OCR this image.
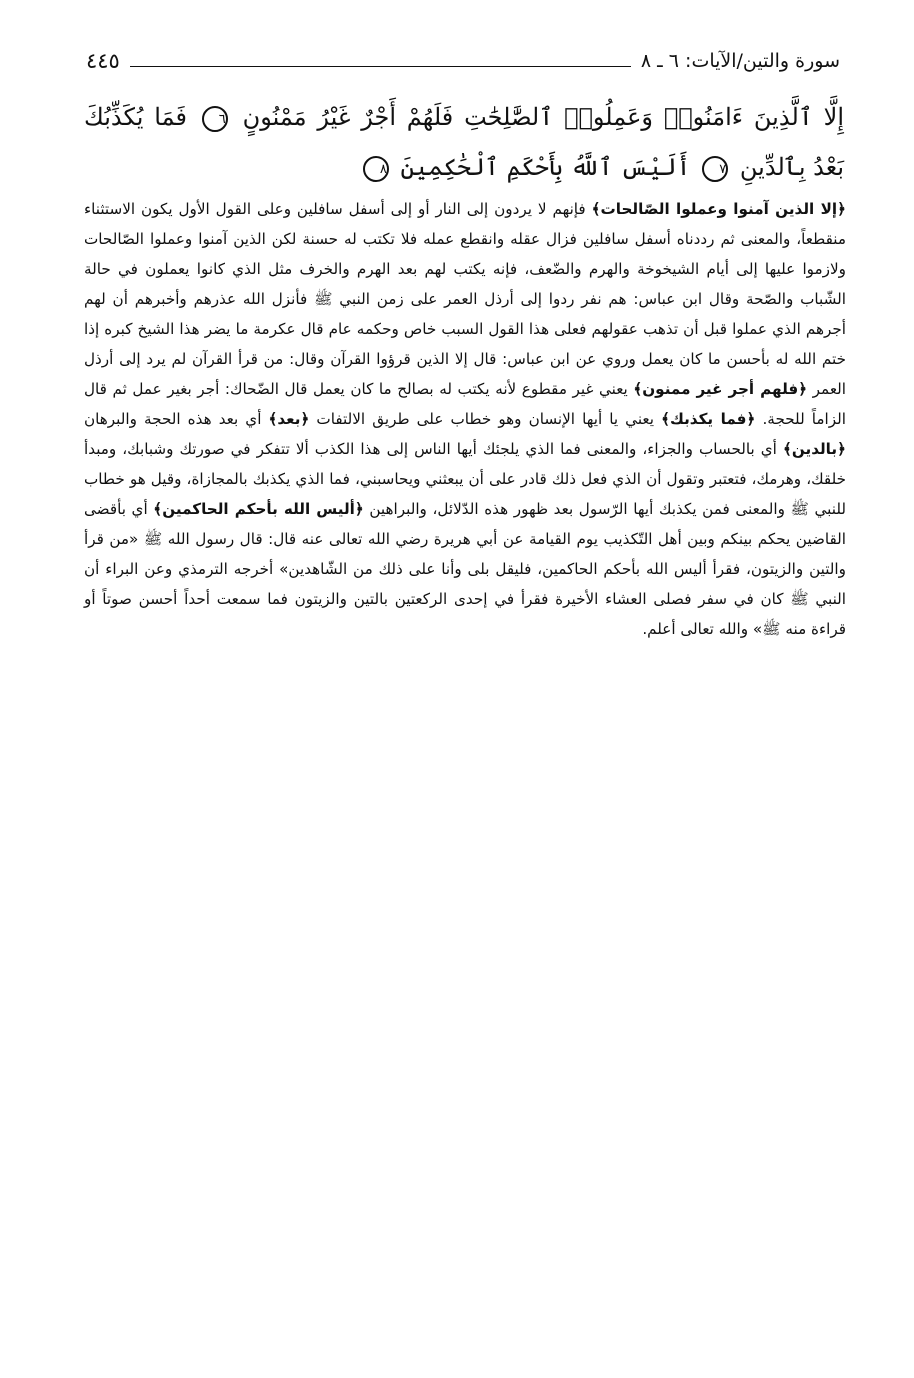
سورة والتين/الآيات: ٦ ـ ٨
٤٤٥
إِلَّا ٱلَّذِينَ ءَامَنُوا۟ وَعَمِلُوا۟ ٱلصَّٰلِحَٰتِ فَلَهُمْ أَجْرٌ غَيْرُ مَمْنُونٍ ٦ فَمَا يُكَذِّبُكَ بَعْدُ بِٱلدِّينِ ٧ أَلَيْسَ ٱللَّهُ بِأَحْكَمِ ٱلْحَٰكِمِينَ ٨

﴿إلا الذين آمنوا وعملوا الصّالحات﴾ فإنهم لا يردون إلى النار أو إلى أسفل سافلين وعلى القول الأول يكون الاستثناء منقطعاً، والمعنى ثم رددناه أسفل سافلين فزال عقله وانقطع عمله فلا تكتب له حسنة لكن الذين آمنوا وعملوا الصّالحات ولازموا عليها إلى أيام الشيخوخة والهرم والضّعف، فإنه يكتب لهم بعد الهرم والخرف مثل الذي كانوا يعملون في حالة الشّباب والصّحة وقال ابن عباس: هم نفر ردوا إلى أرذل العمر على زمن النبي ﷺ فأنزل الله عذرهم وأخبرهم أن لهم أجرهم الذي عملوا قبل أن تذهب عقولهم فعلى هذا القول السبب خاص وحكمه عام قال عكرمة ما يضر هذا الشيخ كبره إذا ختم الله له بأحسن ما كان يعمل وروي عن ابن عباس: قال إلا الذين قرؤوا القرآن وقال: من قرأ القرآن لم يرد إلى أرذل العمر ﴿فلهم أجر غير ممنون﴾ يعني غير مقطوع لأنه يكتب له بصالح ما كان يعمل قال الضّحاك: أجر بغير عمل ثم قال الزاماً للحجة. ﴿فما يكذبك﴾ يعني يا أيها الإنسان وهو خطاب على طريق الالتفات ﴿بعد﴾ أي بعد هذه الحجة والبرهان ﴿بالدين﴾ أي بالحساب والجزاء، والمعنى فما الذي يلجئك أيها الناس إلى هذا الكذب ألا تتفكر في صورتك وشبابك، ومبدأ خلقك، وهرمك، فتعتبر وتقول أن الذي فعل ذلك قادر على أن يبعثني ويحاسبني، فما الذي يكذبك بالمجازاة، وقيل هو خطاب للنبي ﷺ والمعنى فمن يكذبك أيها الرّسول بعد ظهور هذه الدّلائل، والبراهين ﴿أليس الله بأحكم الحاكمين﴾ أي بأقضى القاضين يحكم بينكم وبين أهل التّكذيب يوم القيامة عن أبي هريرة رضي الله تعالى عنه قال: قال رسول الله ﷺ «من قرأ والتين والزيتون، فقرأ أليس الله بأحكم الحاكمين، فليقل بلى وأنا على ذلك من الشّاهدين» أخرجه الترمذي وعن البراء أن النبي ﷺ كان في سفر فصلى العشاء الأخيرة فقرأ في إحدى الركعتين بالتين والزيتون فما سمعت أحداً أحسن صوتاً أو قراءة منه ﷺ» والله تعالى أعلم.
